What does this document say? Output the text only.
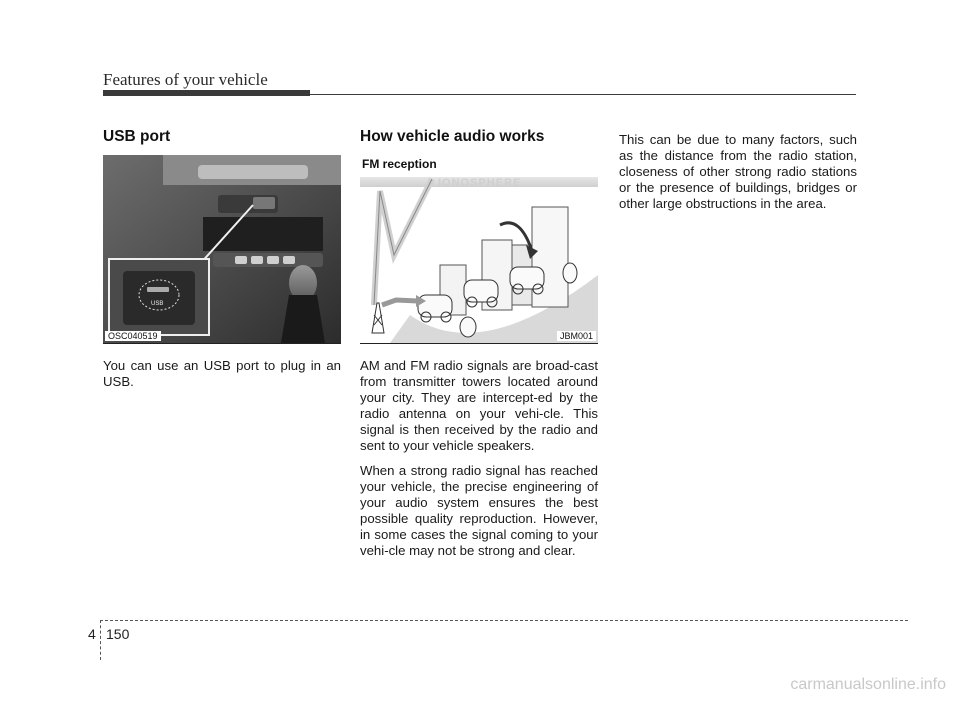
Features of your vehicle
USB port
USB
OSC040519

You can use an USB port to plug in an USB.

How vehicle audio works
IONOSPHERE
FM reception
JBM001

AM and FM radio signals are broad-cast from transmitter towers located around your city. They are intercept-ed by the radio antenna on your vehi-cle. This signal is then received by the radio and sent to your vehicle speakers.

When a strong radio signal has reached your vehicle, the precise engineering of your audio system ensures the best possible quality reproduction. However, in some cases the signal coming to your vehi-cle may not be strong and clear.

This can be due to many factors, such as the distance from the radio station, closeness of other strong radio stations or the presence of buildings, bridges or other large obstructions in the area.

4 150
carmanualsonline.info
